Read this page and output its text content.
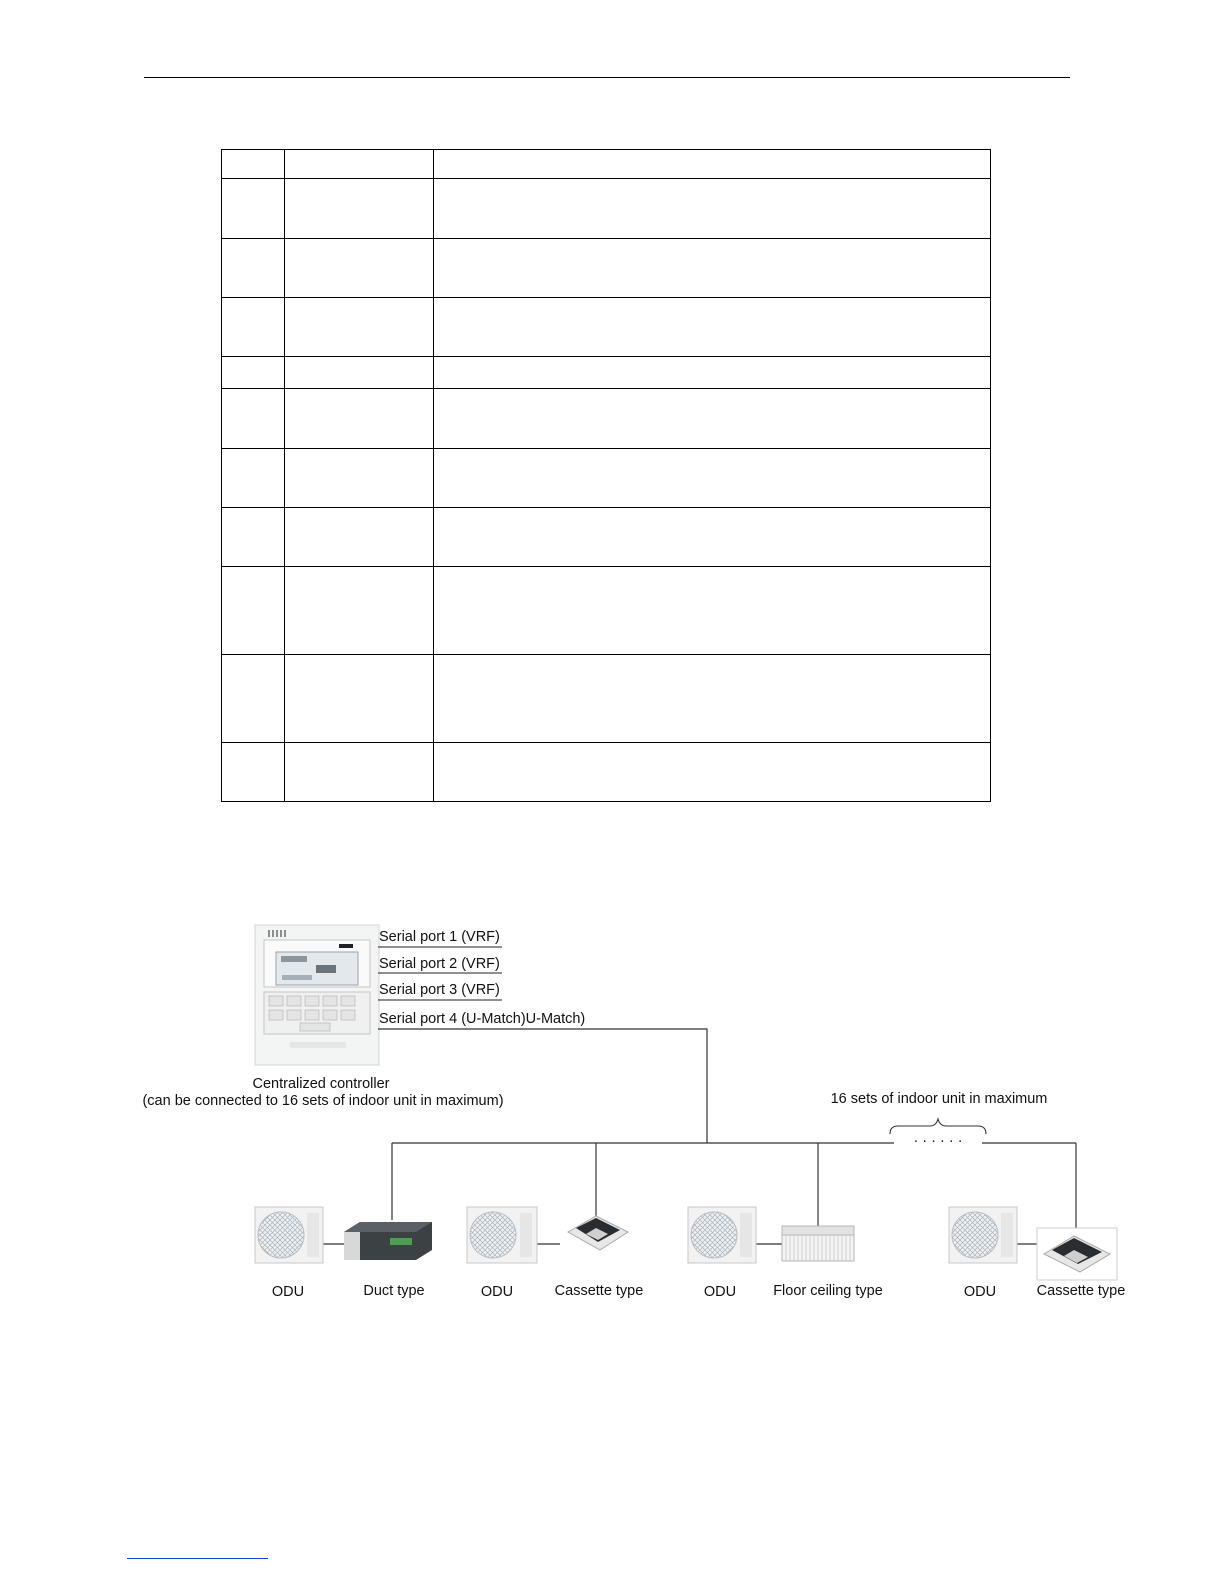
Serial port 1 (VRF)
Serial port 2 (VRF)
Serial port 3 (VRF)
Serial port 4 (U-Match)U-Match)
Centralized controller
(can be connected to 16 sets of indoor unit in maximum)	16 sets of indoor unit in maximum
· · · · · ·
ODU	Duct type	ODU	Cassette type	ODU	Floor ceiling type	ODU	Cassette type
